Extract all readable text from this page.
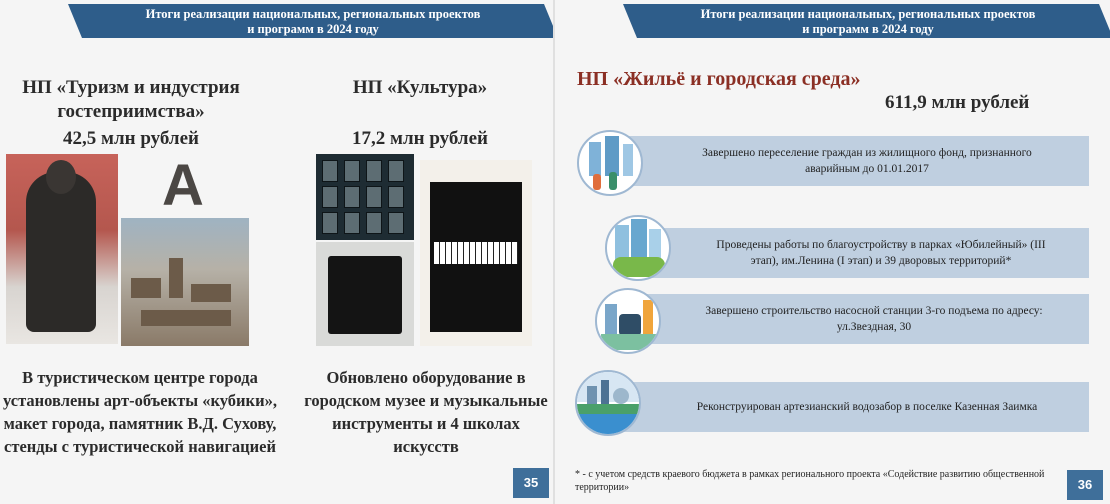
Итоги реализации национальных, региональных проектов
и программ в 2024 году
НП «Туризм и индустрия гостеприимства»
42,5 млн рублей
НП «Культура»
17,2 млн рублей
A
В туристическом центре города установлены арт-объекты «кубики», макет города, памятник В.Д. Сухову, стенды с туристической навигацией
Обновлено оборудование в городском музее и музыкальные инструменты и 4 школах искусств
35
Итоги реализации национальных, региональных проектов
и программ в 2024 году
НП «Жильё и городская среда»
611,9 млн рублей
Завершено переселение граждан из жилищного фонд, признанного аварийным до 01.01.2017
Проведены работы по благоустройству в парках «Юбилейный» (III этап), им.Ленина (I этап) и 39 дворовых территорий*
Завершено строительство насосной станции 3-го подъема по адресу: ул.Звездная, 30
Реконструирован артезианский водозабор в поселке Казенная Заимка
* - с учетом средств краевого бюджета в рамках регионального проекта «Содействие развитию общественной территории»	36
